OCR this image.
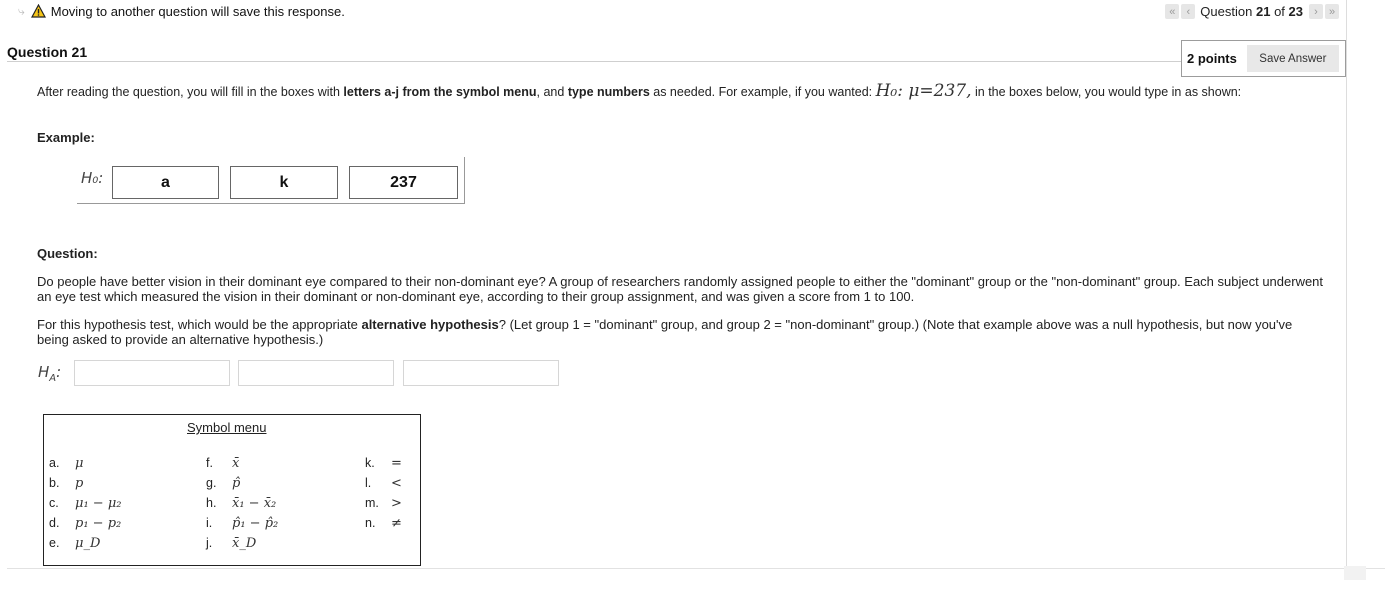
⤷ Moving to another question will save this response.	«	‹ Question 21 of 23	›	»
Question 21	2 points	Save Answer
After reading the question, you will fill in the boxes with letters a-j from the symbol menu, and type numbers as needed. For example, if you wanted: H₀: μ=237, in the boxes below, you would type in as shown:
Example:
H₀:	a	k	237
Question:
Do people have better vision in their dominant eye compared to their non-dominant eye? A group of researchers randomly assigned people to either the "dominant" group or the "non-dominant" group. Each subject underwent an eye test which measured the vision in their dominant or non-dominant eye, according to their group assignment, and was given a score from 1 to 100.
For this hypothesis test, which would be the appropriate alternative hypothesis? (Let group 1 = "dominant" group, and group 2 = "non-dominant" group.) (Note that example above was a null hypothesis, but now you've being asked to provide an alternative hypothesis.)
$H_A$:
Symbol menu
a. μ
b. p
c. μ₁ − μ₂
d. p₁ − p₂
e. μ_D
f. x̄
g. p̂
h. x̄₁ − x̄₂
i. p̂₁ − p̂₂
j. x̄_D
k. =
l. <
m. >
n. ≠
